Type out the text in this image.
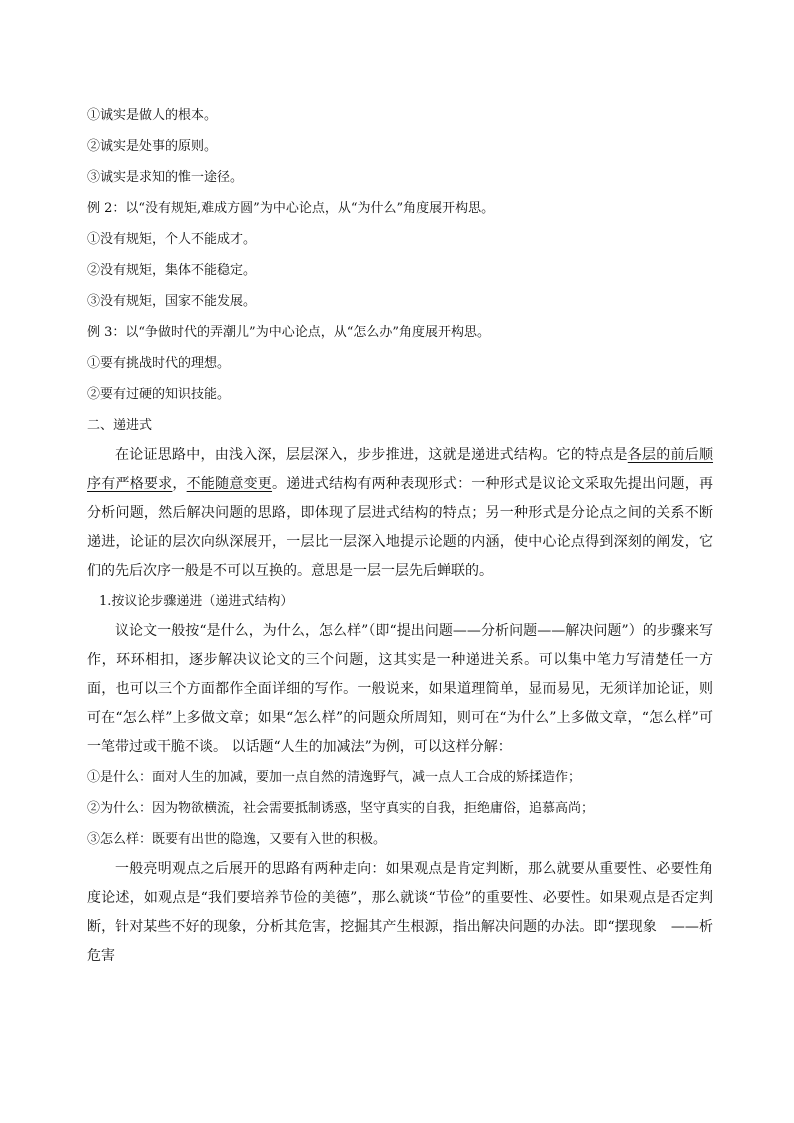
①诚实是做人的根本。
②诚实是处事的原则。
③诚实是求知的惟一途径。
例 2：以“没有规矩,难成方圆”为中心论点，从“为什么”角度展开构思。
①没有规矩，个人不能成才。
②没有规矩，集体不能稳定。
③没有规矩，国家不能发展。
例 3：以“争做时代的弄潮儿”为中心论点，从“怎么办”角度展开构思。
①要有挑战时代的理想。
②要有过硬的知识技能。
二、递进式
在论证思路中，由浅入深，层层深入，步步推进，这就是递进式结构。它的特点是各层的前后顺序有严格要求，不能随意变更。递进式结构有两种表现形式：一种形式是议论文采取先提出问题，再分析问题，然后解决问题的思路，即体现了层进式结构的特点；另一种形式是分论点之间的关系不断递进，论证的层次向纵深展开，一层比一层深入地提示论题的内涵，使中心论点得到深刻的阐发，它们的先后次序一般是不可以互换的。意思是一层一层先后蝉联的。
1.按议论步骤递进（递进式结构）
议论文一般按“是什么，为什么，怎么样”（即“提出问题——分析问题——解决问题”）的步骤来写作，环环相扣，逐步解决议论文的三个问题，这其实是一种递进关系。可以集中笔力写清楚任一方面，也可以三个方面都作全面详细的写作。一般说来，如果道理简单，显而易见，无须详加论证，则可在“怎么样”上多做文章；如果“怎么样”的问题众所周知，则可在“为什么”上多做文章，“怎么样”可一笔带过或干脆不谈。 以话题“人生的加减法”为例，可以这样分解：
①是什么：面对人生的加减，要加一点自然的清逸野气，减一点人工合成的矫揉造作；
②为什么：因为物欲横流，社会需要抵制诱惑，坚守真实的自我，拒绝庸俗，追慕高尚；
③怎么样：既要有出世的隐逸，又要有入世的积极。
一般亮明观点之后展开的思路有两种走向：如果观点是肯定判断，那么就要从重要性、必要性角度论述，如观点是“我们要培养节俭的美德”，那么就谈“节俭”的重要性、必要性。如果观点是否定判断，针对某些不好的现象，分析其危害，挖掘其产生根源，指出解决问题的办法。即“摆现象　——析危害
